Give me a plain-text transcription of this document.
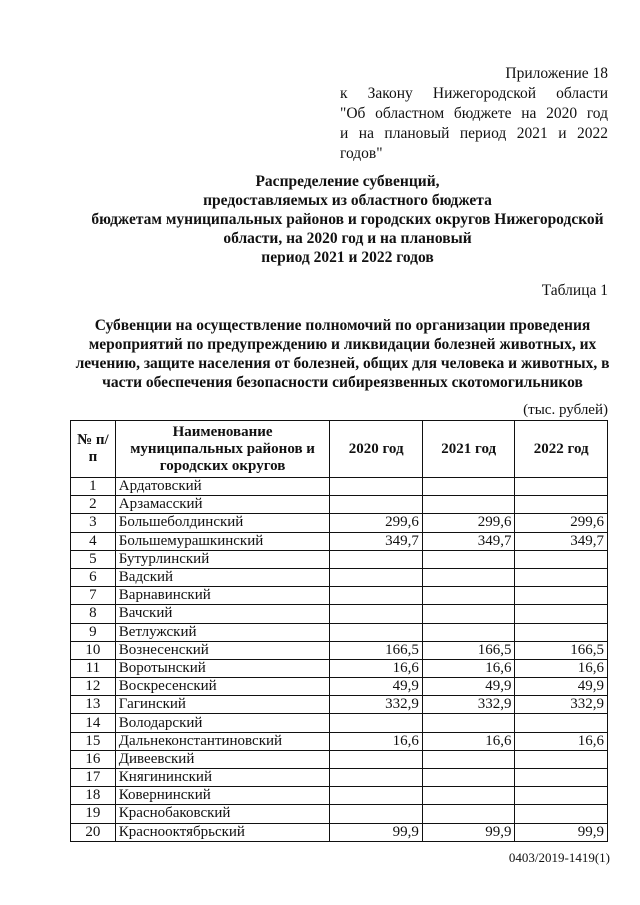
Приложение 18
к Закону Нижегородской области
"Об областном бюджете на 2020 год
и на плановый период 2021 и 2022
годов"
Распределение субвенций,
предоставляемых из областного бюджета
бюджетам муниципальных районов и городских округов Нижегородской
области, на 2020 год и на плановый
период 2021 и 2022 годов
Таблица 1
Субвенции на осуществление полномочий по организации проведения
мероприятий по предупреждению и ликвидации болезней животных, их
лечению, защите населения от болезней, общих для человека и животных, в
части обеспечения безопасности сибиреязвенных скотомогильников
(тыс. рублей)
№ п/п	Наименование муниципальных районов и городских округов	2020 год	2021 год	2022 год
1	Ардатовский			
2	Арзамасский			
3	Большеболдинский	299,6	299,6	299,6
4	Большемурашкинский	349,7	349,7	349,7
5	Бутурлинский			
6	Вадский			
7	Варнавинский			
8	Вачский			
9	Ветлужский			
10	Вознесенский	166,5	166,5	166,5
11	Воротынский	16,6	16,6	16,6
12	Воскресенский	49,9	49,9	49,9
13	Гагинский	332,9	332,9	332,9
14	Володарский			
15	Дальнеконстантиновский	16,6	16,6	16,6
16	Дивеевский			
17	Княгининский			
18	Ковернинский			
19	Краснобаковский			
20	Краснооктябрьский	99,9	99,9	99,9
0403/2019-1419(1)
